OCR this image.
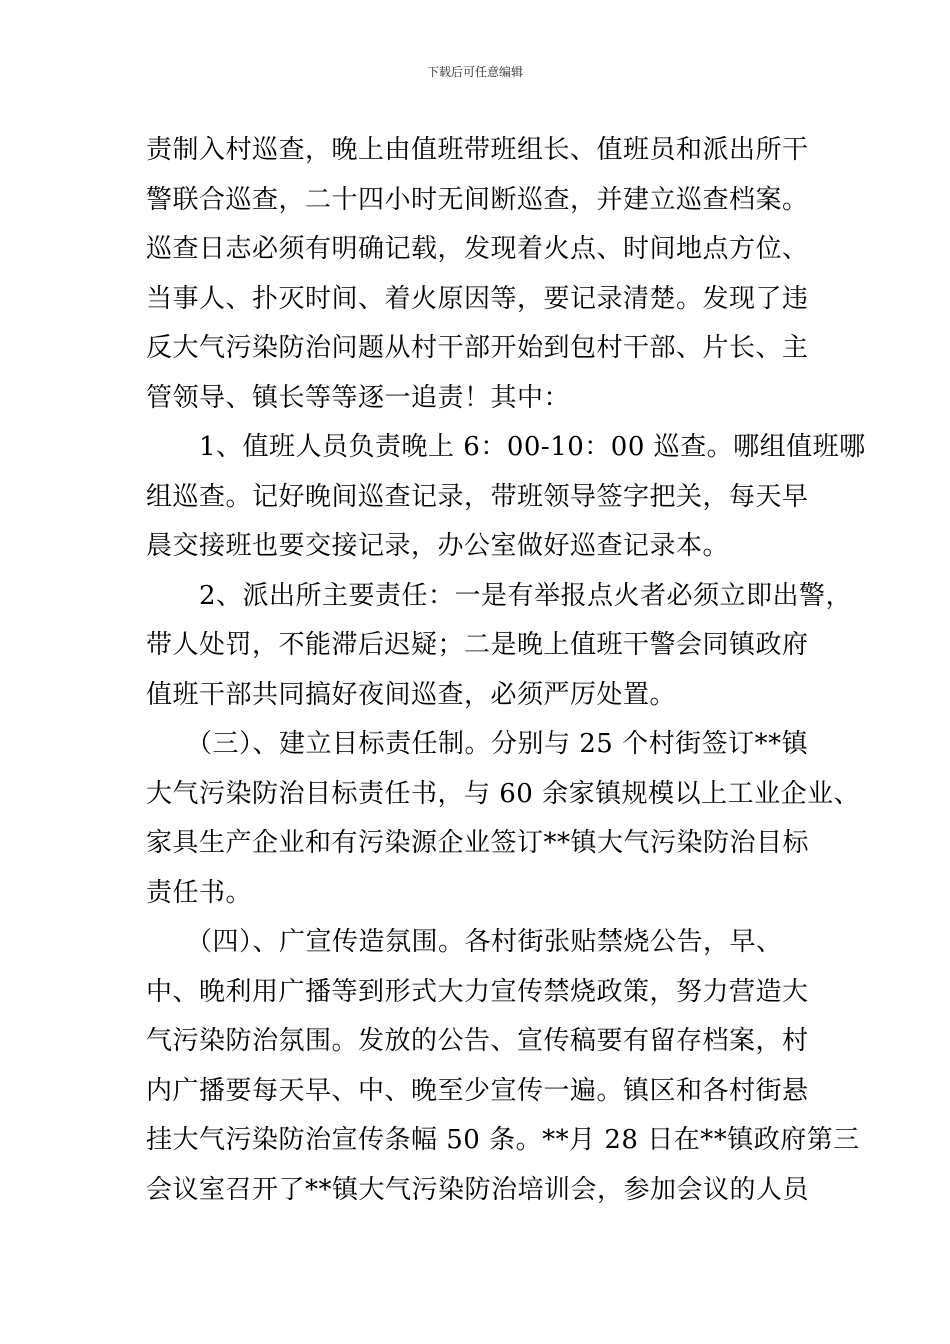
下载后可任意编辑
责制入村巡查，晚上由值班带班组长、值班员和派出所干
警联合巡查，二十四小时无间断巡查，并建立巡查档案。
巡查日志必须有明确记载，发现着火点、时间地点方位、
当事人、扑灭时间、着火原因等，要记录清楚。发现了违
反大气污染防治问题从村干部开始到包村干部、片长、主
管领导、镇长等等逐一追责！其中：
　　1、值班人员负责晚上 6：00-10：00 巡查。哪组值班哪
组巡查。记好晚间巡查记录，带班领导签字把关，每天早
晨交接班也要交接记录，办公室做好巡查记录本。
　　2、派出所主要责任：一是有举报点火者必须立即出警，
带人处罚，不能滞后迟疑；二是晚上值班干警会同镇政府
值班干部共同搞好夜间巡查，必须严厉处置。
　　（三）、建立目标责任制。分别与 25 个村街签订**镇
大气污染防治目标责任书，与 60 余家镇规模以上工业企业、
家具生产企业和有污染源企业签订**镇大气污染防治目标
责任书。
　　（四）、广宣传造氛围。各村街张贴禁烧公告，早、
中、晚利用广播等到形式大力宣传禁烧政策，努力营造大
气污染防治氛围。发放的公告、宣传稿要有留存档案，村
内广播要每天早、中、晚至少宣传一遍。镇区和各村街悬
挂大气污染防治宣传条幅 50 条。**月 28 日在**镇政府第三
会议室召开了**镇大气污染防治培训会，参加会议的人员
